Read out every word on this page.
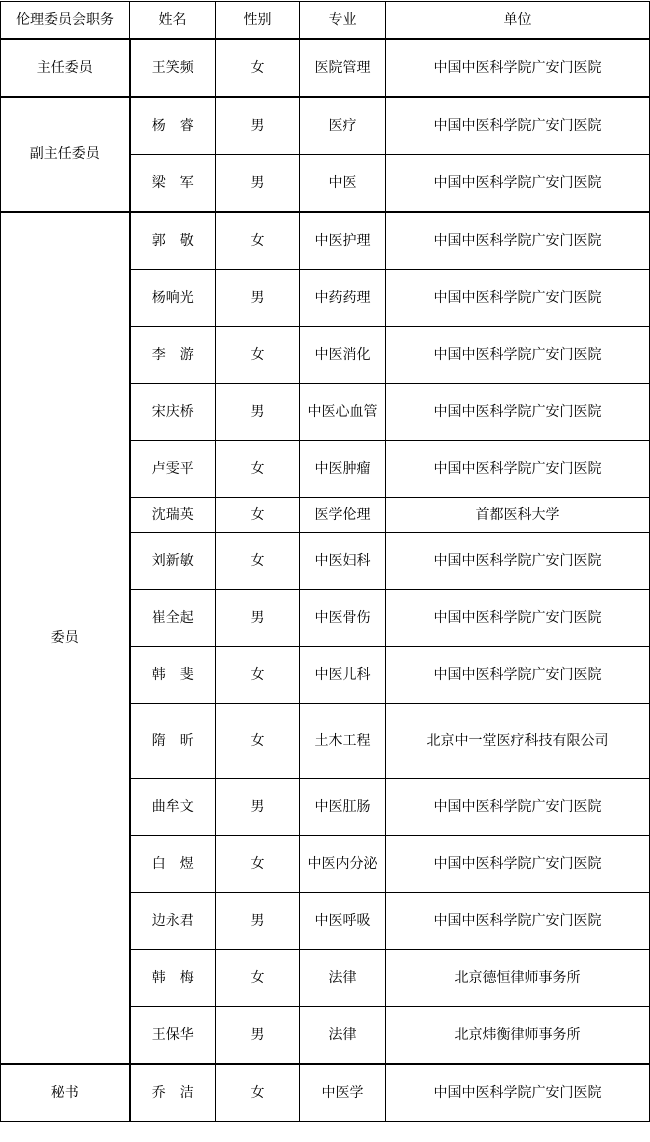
伦理委员会职务	姓名	性别	专业	单位
主任委员	王笑频	女	医院管理	中国中医科学院广安门医院
副主任委员	杨　睿	男	医疗	中国中医科学院广安门医院
	梁　军	男	中医	中国中医科学院广安门医院
委员	郭　敬	女	中医护理	中国中医科学院广安门医院
	杨响光	男	中药药理	中国中医科学院广安门医院
	李　游	女	中医消化	中国中医科学院广安门医院
	宋庆桥	男	中医心血管	中国中医科学院广安门医院
	卢雯平	女	中医肿瘤	中国中医科学院广安门医院
	沈瑞英	女	医学伦理	首都医科大学
	刘新敏	女	中医妇科	中国中医科学院广安门医院
	崔全起	男	中医骨伤	中国中医科学院广安门医院
	韩　斐	女	中医儿科	中国中医科学院广安门医院
	隋　昕	女	土木工程	北京中一堂医疗科技有限公司
	曲牟文	男	中医肛肠	中国中医科学院广安门医院
	白　煜	女	中医内分泌	中国中医科学院广安门医院
	边永君	男	中医呼吸	中国中医科学院广安门医院
	韩　梅	女	法律	北京德恒律师事务所
	王保华	男	法律	北京炜衡律师事务所
秘书	乔　洁	女	中医学	中国中医科学院广安门医院
